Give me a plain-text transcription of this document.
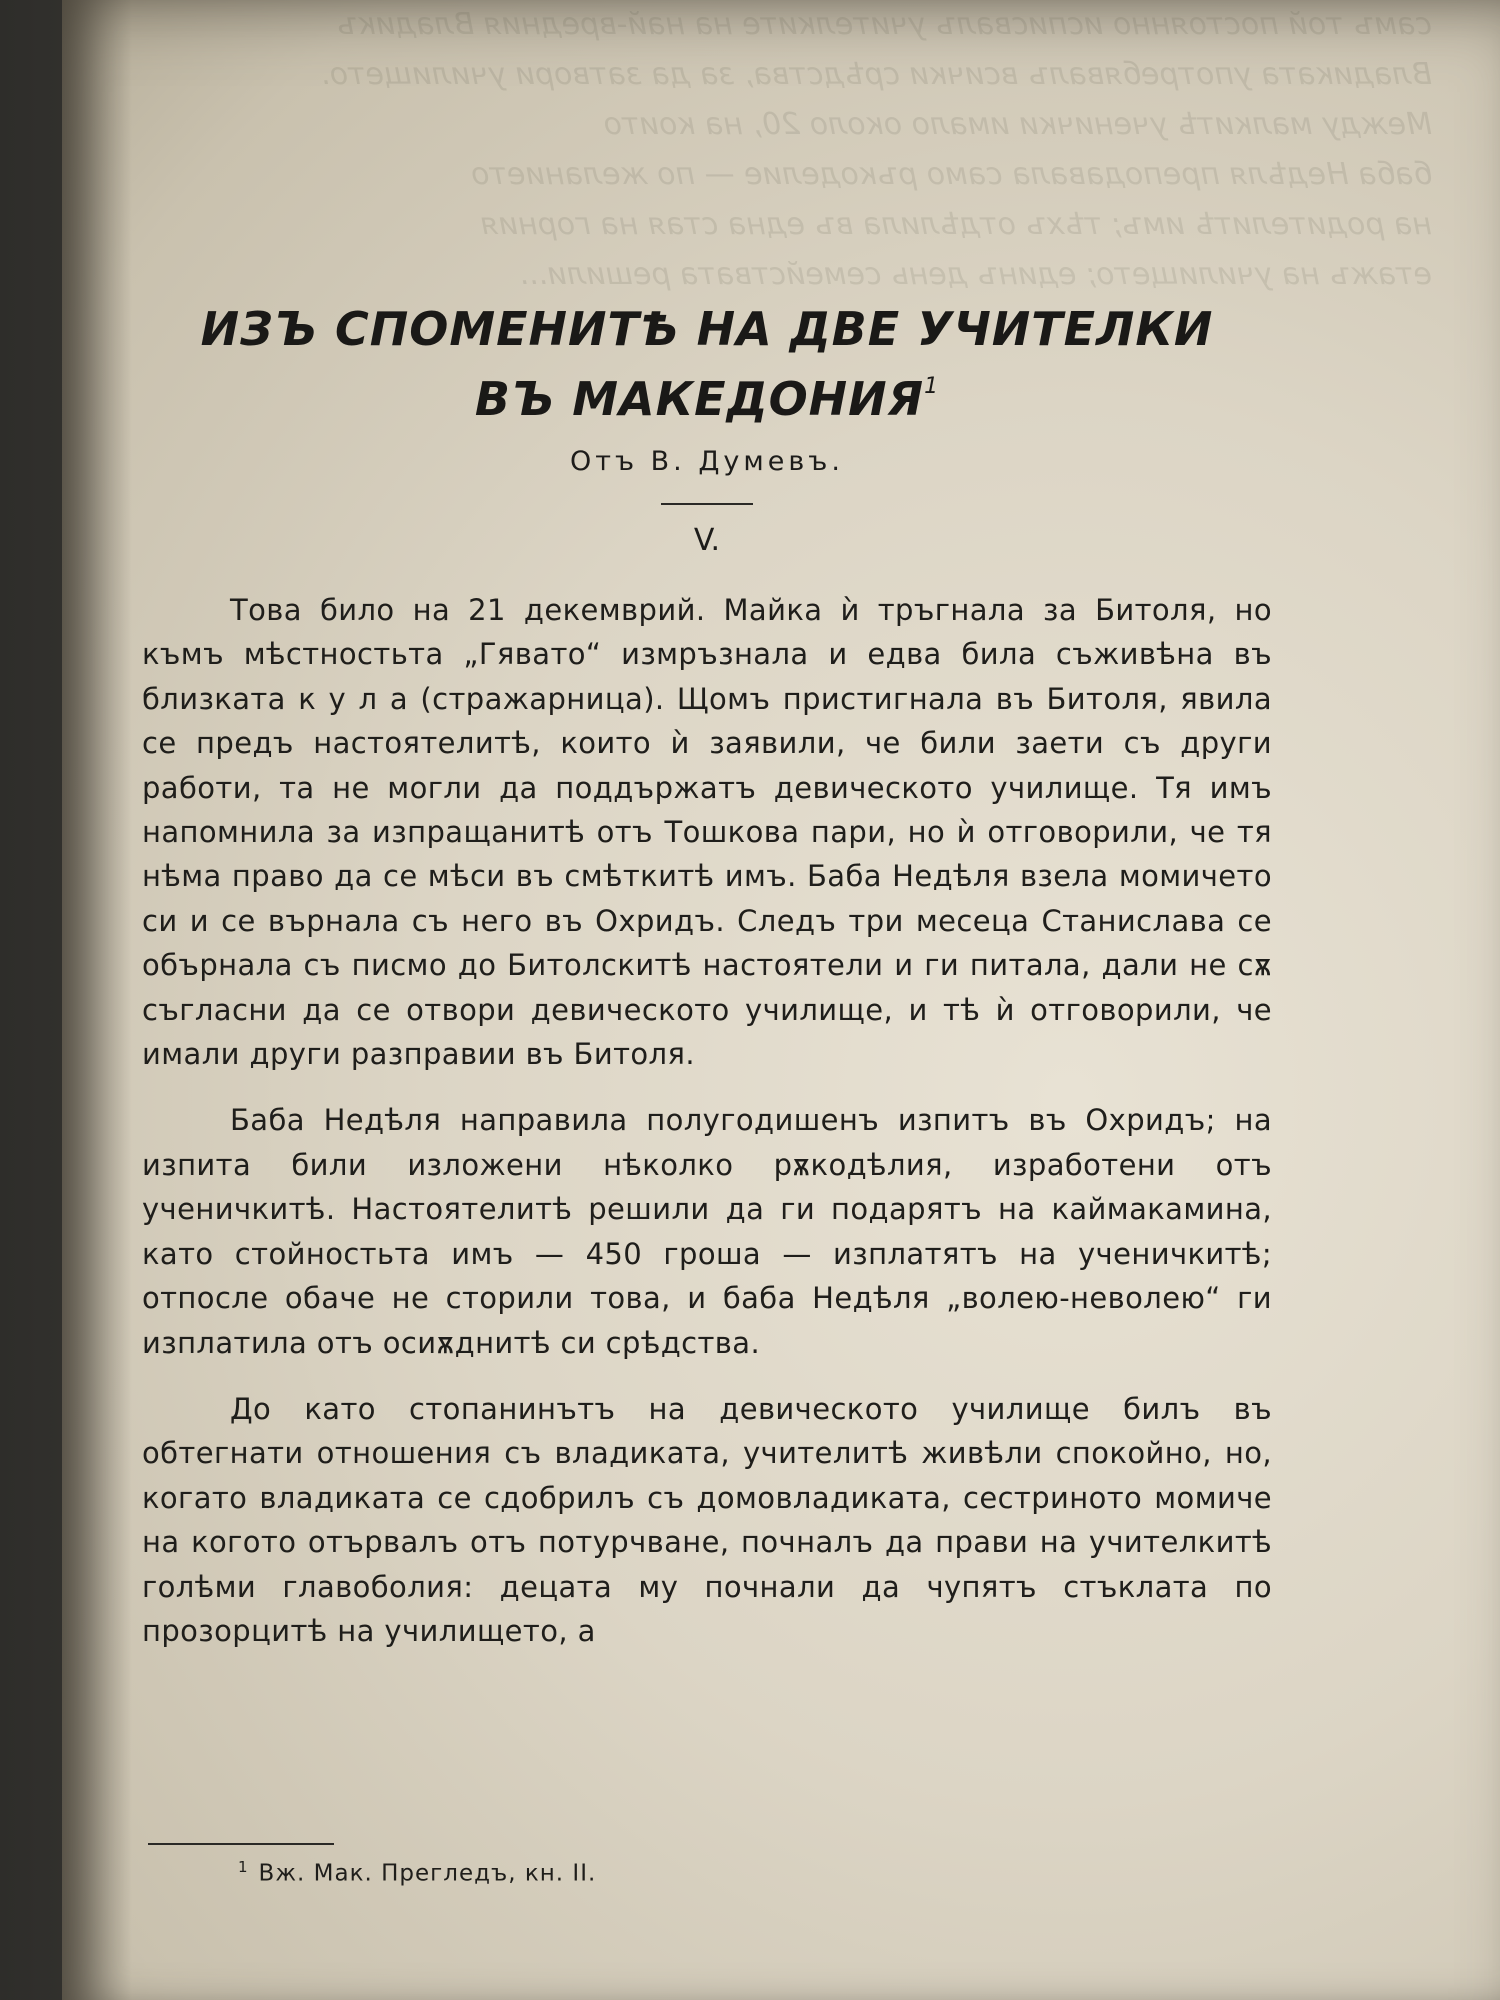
самъ той постоянно исписвалъ учителките на най-вредния Владикъ
Владиката употребявалъ всички срѣдства, за да затвори училището.
Между малкитѣ ученички имало около 20, на които
баба Недѣля преподавала само ръкоделие — по желанието
на родителитѣ имъ; тѣхъ отдѣлила въ една стая на горния
етажъ на училището; единъ день семействата решили...
ИЗЪ СПОМЕНИТѢ НА ДВЕ УЧИТЕЛКИ
ВЪ МАКЕДОНИЯ$^1$

Отъ В. Думевъ.

V.

Това било на 21 декемврий. Майка ѝ тръгнала за Битоля, но къмъ мѣстностьта „Гявато“ измръзнала и едва била съживѣна въ близката к у л а (стражарница). Щомъ пристигнала въ Битоля, явила се предъ настоятелитѣ, които ѝ заявили, че били заети съ други работи, та не могли да поддържатъ девическото училище. Тя имъ напомнила за изпращанитѣ отъ Тошкова пари, но ѝ отговорили, че тя нѣма право да се мѣси въ смѣткитѣ имъ. Баба Недѣля взела момичето си и се върнала съ него въ Охридъ. Следъ три месеца Станислава се обърнала съ писмо до Битолскитѣ настоятели и ги питала, дали не сѫ съгласни да се отвори девическото училище, и тѣ ѝ отговорили, че имали други разправии въ Битоля.

Баба Недѣля направила полугодишенъ изпитъ въ Охридъ; на изпита били изложени нѣколко рѫкодѣлия, изработени отъ ученичкитѣ. Настоятелитѣ решили да ги подарятъ на каймакамина, като стойностьта имъ — 450 гроша — изплатятъ на ученичкитѣ; отпосле обаче не сторили това, и баба Недѣля „волею-неволею“ ги изплатила отъ осиѫднитѣ си срѣдства.

До като стопанинътъ на девическото училище билъ въ обтегнати отношения съ владиката, учителитѣ живѣли спокойно, но, когато владиката се сдобрилъ съ домовладиката, сестриното момиче на когото отървалъ отъ потурчване, почналъ да прави на учителкитѣ голѣми главоболия: децата му почнали да чупятъ стъклата по прозорцитѣ на училището, а

$^1$ Вж. Мак. Прегледъ, кн. II.
